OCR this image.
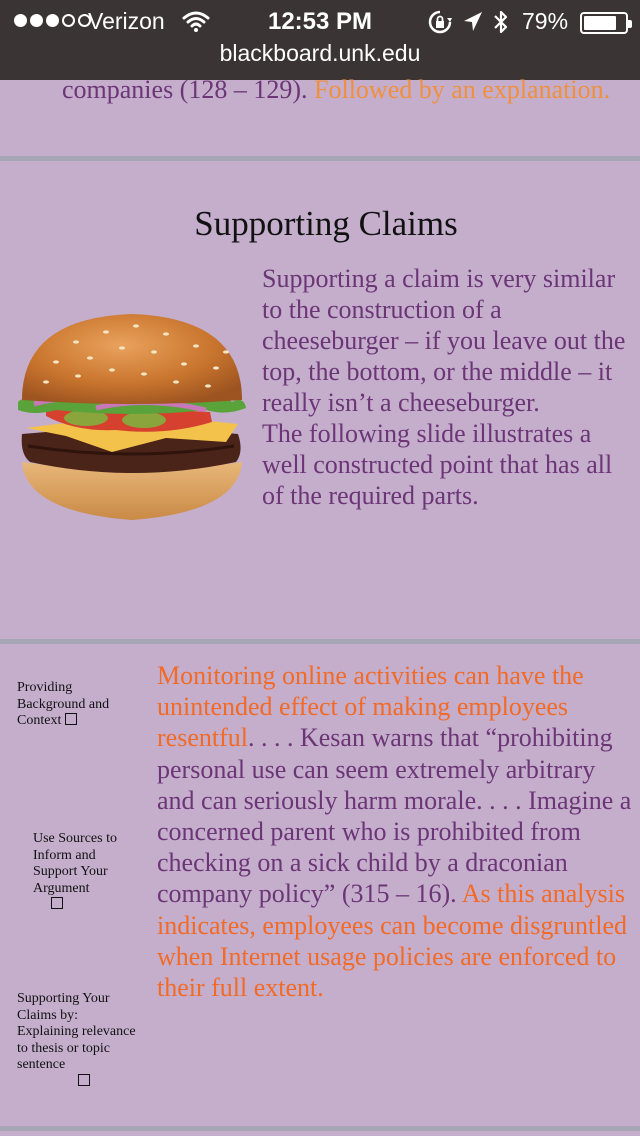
Verizon	12:53 PM	79%
blackboard.unk.edu
companies (128 – 129). Followed by an explanation.
Supporting Claims
Supporting a claim is very similar to the construction of a cheeseburger – if you leave out the top, the bottom, or the middle – it really isn’t a cheeseburger.
The following slide illustrates a well constructed point that has all of the required parts.
Providing Background and Context
Use Sources to Inform and Support Your Argument

Supporting Your Claims by: Explaining relevance to thesis or topic sentence

Monitoring online activities can have the unintended effect of making employees resentful. . . . Kesan warns that “prohibiting personal use can seem extremely arbitrary and can seriously harm morale. . . . Imagine a concerned parent who is prohibited from checking on a sick child by a draconian company policy” (315 – 16). As this analysis indicates, employees can become disgruntled when Internet usage policies are enforced to their full extent.
